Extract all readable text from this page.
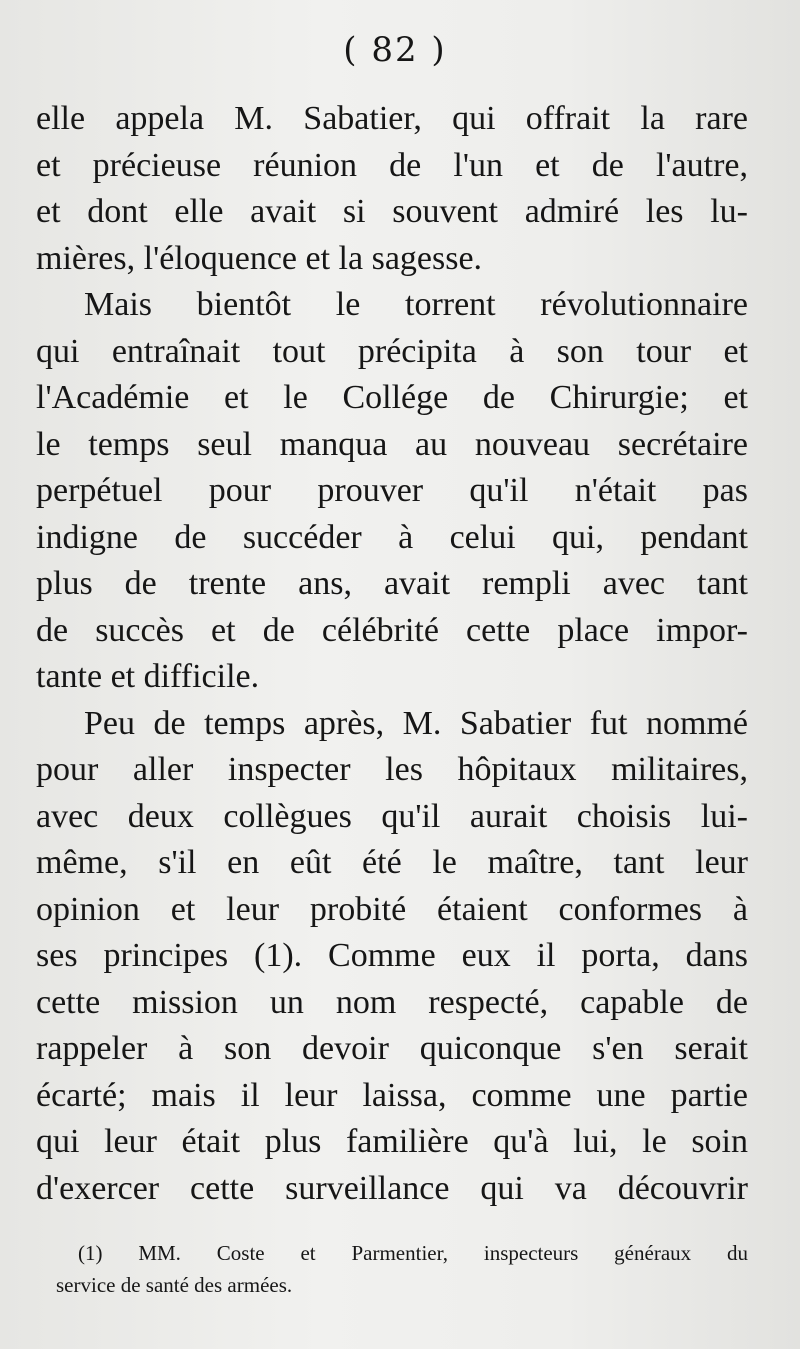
( 82 )
elle appela M. Sabatier, qui offrait la rare
et précieuse réunion de l'un et de l'autre,
et dont elle avait si souvent admiré les lu-
mières, l'éloquence et la sagesse.
Mais bientôt le torrent révolutionnaire
qui entraînait tout précipita à son tour et
l'Académie et le Collége de Chirurgie; et
le temps seul manqua au nouveau secrétaire
perpétuel pour prouver qu'il n'était pas
indigne de succéder à celui qui, pendant
plus de trente ans, avait rempli avec tant
de succès et de célébrité cette place impor-
tante et difficile.
Peu de temps après, M. Sabatier fut nommé
pour aller inspecter les hôpitaux militaires,
avec deux collègues qu'il aurait choisis lui-
même, s'il en eût été le maître, tant leur
opinion et leur probité étaient conformes à
ses principes (1). Comme eux il porta, dans
cette mission un nom respecté, capable de
rappeler à son devoir quiconque s'en serait
écarté; mais il leur laissa, comme une partie
qui leur était plus familière qu'à lui, le soin
d'exercer cette surveillance qui va découvrir
(1) MM. Coste et Parmentier, inspecteurs généraux du
service de santé des armées.
